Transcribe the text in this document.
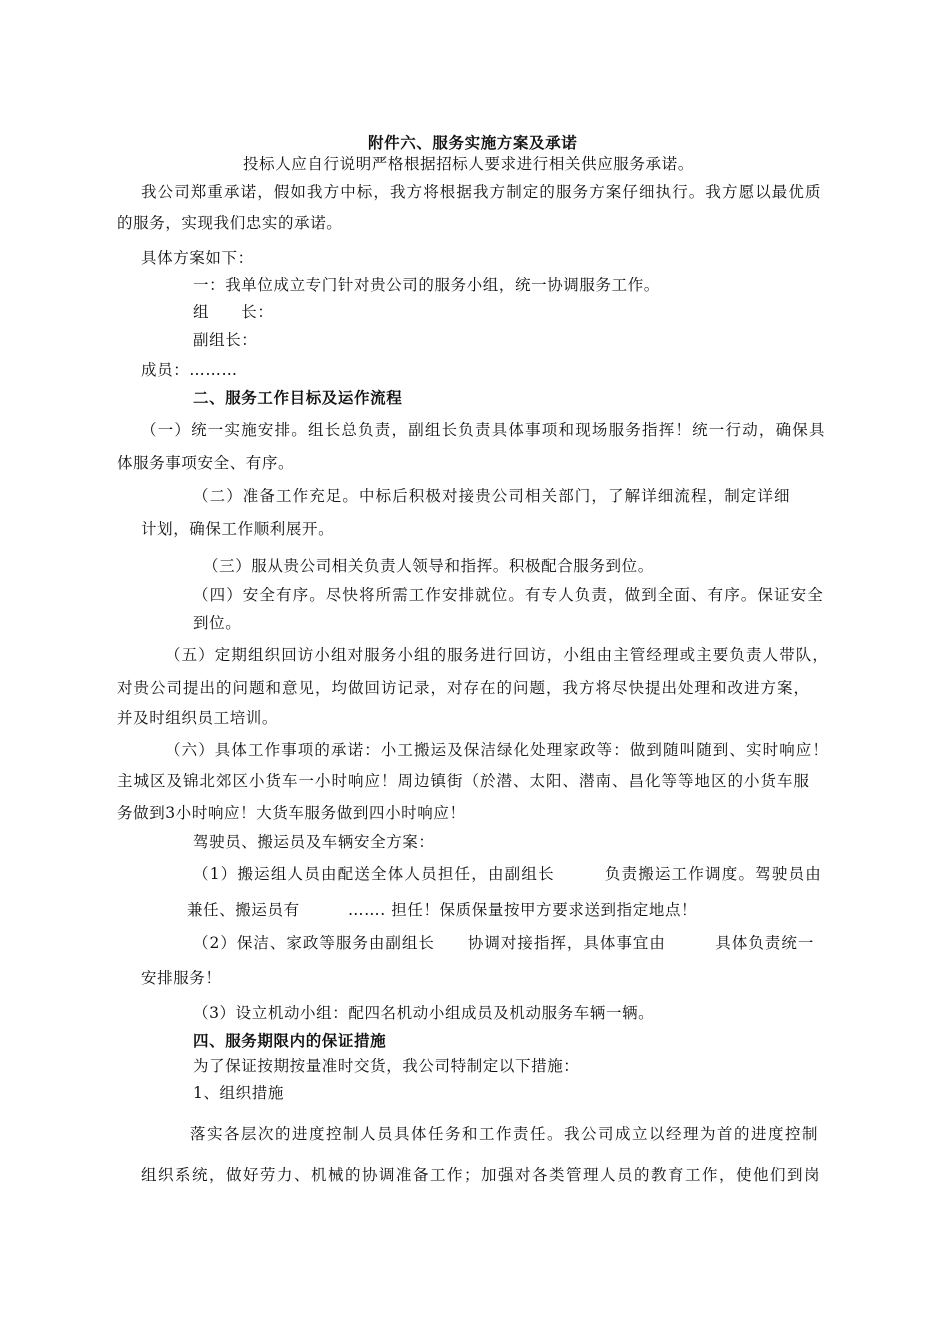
附件六、服务实施方案及承诺
投标人应自行说明严格根据招标人要求进行相关供应服务承诺。
我公司郑重承诺，假如我方中标，我方将根据我方制定的服务方案仔细执行。我方愿以最优质
的服务，实现我们忠实的承诺。
具体方案如下：
一：我单位成立专门针对贵公司的服务小组，统一协调服务工作。
组　　长：
副组长：
成员：………
二、服务工作目标及运作流程
（一）统一实施安排。组长总负责，副组长负责具体事项和现场服务指挥！统一行动，确保具
体服务事项安全、有序。
（二）准备工作充足。中标后积极对接贵公司相关部门，了解详细流程，制定详细
计划，确保工作顺利展开。
（三）服从贵公司相关负责人领导和指挥。积极配合服务到位。
（四）安全有序。尽快将所需工作安排就位。有专人负责，做到全面、有序。保证安全
到位。
（五）定期组织回访小组对服务小组的服务进行回访，小组由主管经理或主要负责人带队，
对贵公司提出的问题和意见，均做回访记录，对存在的问题，我方将尽快提出处理和改进方案，
并及时组织员工培训。
（六）具体工作事项的承诺：小工搬运及保洁绿化处理家政等：做到随叫随到、实时响应！
主城区及锦北郊区小货车一小时响应！周边镇街（於潜、太阳、潜南、昌化等等地区的小货车服
务做到3小时响应！大货车服务做到四小时响应！
驾驶员、搬运员及车辆安全方案：
（1）搬运组人员由配送全体人员担任，由副组长　　　负责搬运工作调度。驾驶员由
兼任、搬运员有　　　……. 担任！保质保量按甲方要求送到指定地点！
（2）保洁、家政等服务由副组长　　协调对接指挥，具体事宜由　　　具体负责统一
安排服务！
（3）设立机动小组：配四名机动小组成员及机动服务车辆一辆。
四、服务期限内的保证措施
为了保证按期按量准时交货，我公司特制定以下措施：
1、组织措施
落实各层次的进度控制人员具体任务和工作责任。我公司成立以经理为首的进度控制
组织系统，做好劳力、机械的协调准备工作；加强对各类管理人员的教育工作，使他们到岗
